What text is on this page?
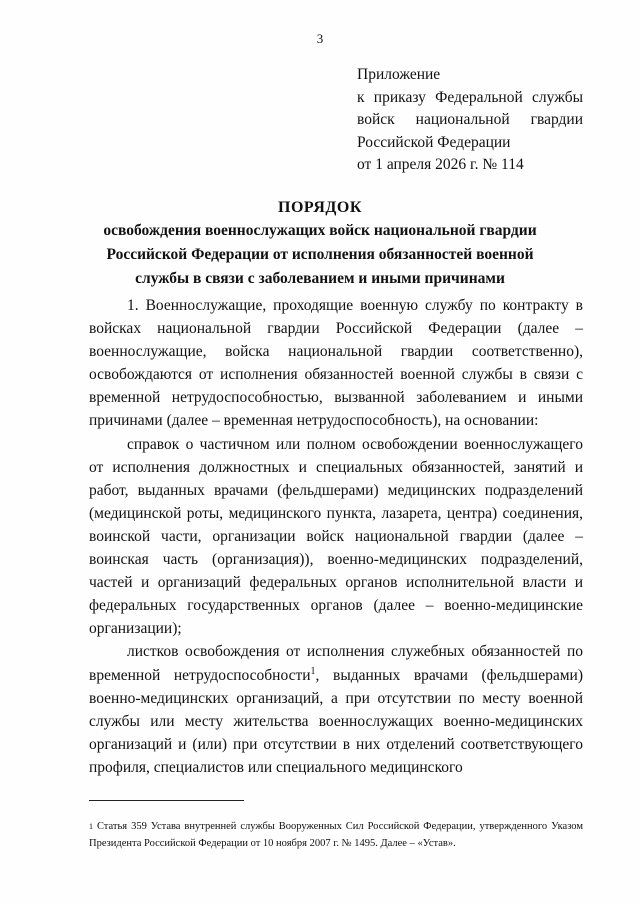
3
Приложение
к приказу Федеральной службы
войск национальной гвардии
Российской Федерации
от 1 апреля 2026 г. № 114
ПОРЯДОК
освобождения военнослужащих войск национальной гвардии Российской Федерации от исполнения обязанностей военной службы в связи с заболеванием и иными причинами

1. Военнослужащие, проходящие военную службу по контракту в войсках национальной гвардии Российской Федерации (далее – военнослужащие, войска национальной гвардии соответственно), освобождаются от исполнения обязанностей военной службы в связи с временной нетрудоспособностью, вызванной заболеванием и иными причинами (далее – временная нетрудоспособность), на основании:

справок о частичном или полном освобождении военнослужащего от исполнения должностных и специальных обязанностей, занятий и работ, выданных врачами (фельдшерами) медицинских подразделений (медицинской роты, медицинского пункта, лазарета, центра) соединения, воинской части, организации войск национальной гвардии (далее – воинская часть (организация)), военно-медицинских подразделений, частей и организаций федеральных органов исполнительной власти и федеральных государственных органов (далее – военно-медицинские организации);

листков освобождения от исполнения служебных обязанностей по временной нетрудоспособности$^1$, выданных врачами (фельдшерами) военно-медицинских организаций, а при отсутствии по месту военной службы или месту жительства военнослужащих военно-медицинских организаций и (или) при отсутствии в них отделений соответствующего профиля, специалистов или специального медицинского

$^1$ Статья 359 Устава внутренней службы Вооруженных Сил Российской Федерации, утвержденного Указом Президента Российской Федерации от 10 ноября 2007 г. № 1495. Далее – «Устав».
